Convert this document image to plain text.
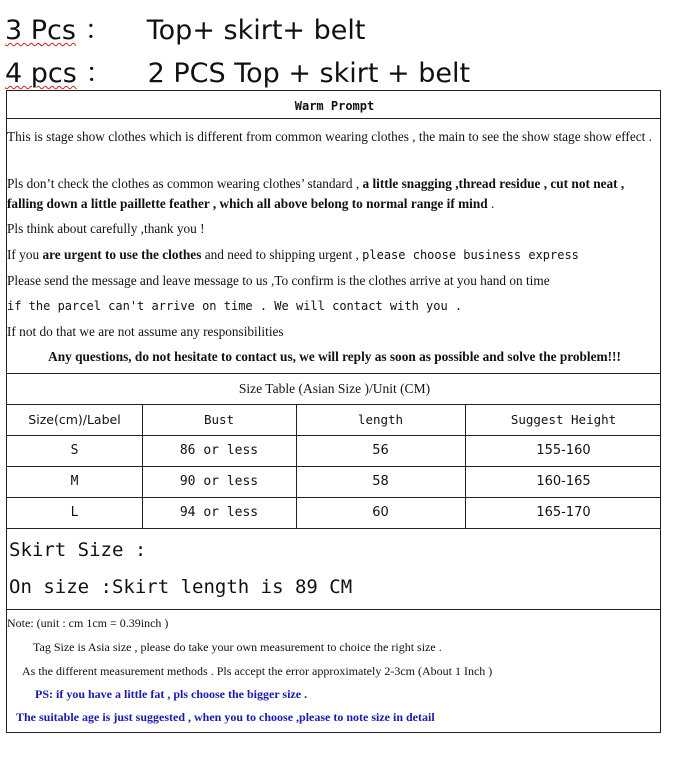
3 Pcs ： Top+ skirt+ belt
4 pcs ： 2 PCS Top + skirt + belt
Warm Prompt
This is stage show clothes which is different from common wearing clothes , the main to see the show stage show effect .
Pls don’t check the clothes as common wearing clothes’ standard , a little snagging ,thread residue , cut not neat , falling down a little paillette feather , which all above belong to normal range if mind .
Pls think about carefully ,thank you !
If you are urgent to use the clothes and need to shipping urgent , please choose business express
Please send the message and leave message to us ,To confirm is the clothes arrive at you hand on time
if the parcel can't arrive on time . We will contact with you .
If not do that we are not assume any responsibilities
Any questions, do not hesitate to contact us, we will reply as soon as possible and solve the problem!!!
Size Table (Asian Size )/Unit (CM)
Size(cm)/Label	Bust	length	Suggest Height
S	86 or less	56	155-160
M	90 or less	58	160-165
L	94 or less	60	165-170
Skirt Size :
On size :Skirt length is 89 CM
Note: (unit : cm 1cm = 0.39inch )
Tag Size is Asia size , please do take your own measurement to choice the right size .
As the different measurement methods . Pls accept the error approximately 2-3cm (About 1 Inch )
PS: if you have a little fat , pls choose the bigger size .
The suitable age is just suggested , when you to choose ,please to note size in detail
